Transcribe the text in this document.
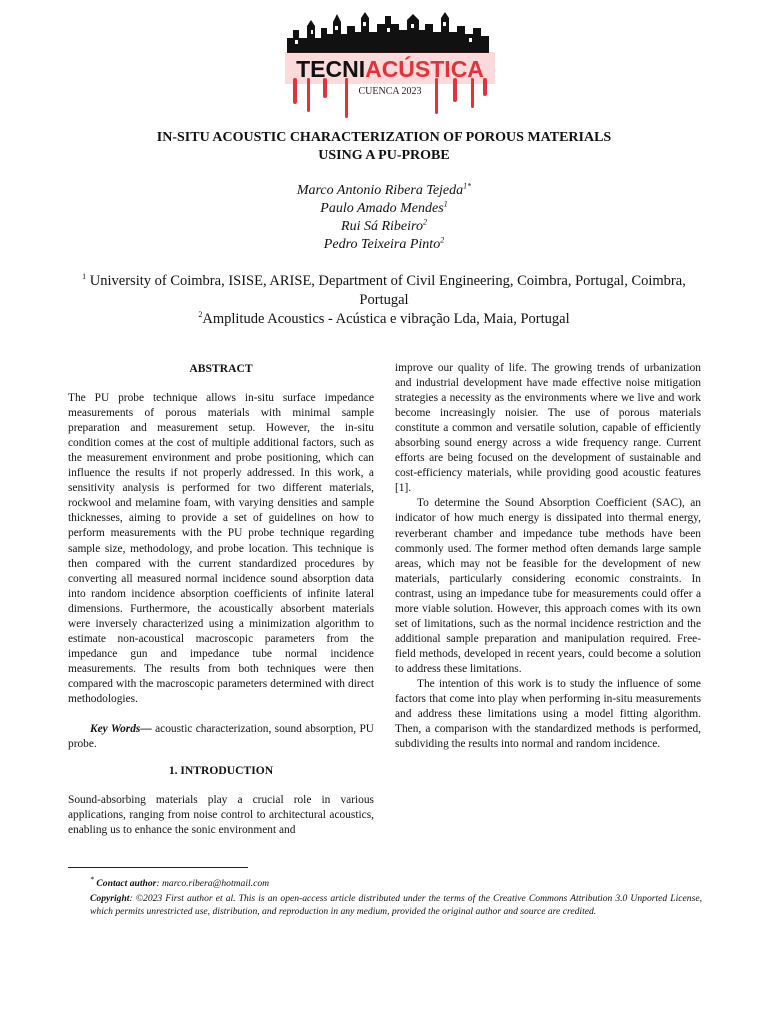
TECNIACÚSTICA
CUENCA 2023
IN-SITU ACOUSTIC CHARACTERIZATION OF POROUS MATERIALS
USING A PU-PROBE
Marco Antonio Ribera Tejeda$^{1*}$
Paulo Amado Mendes$^1$
Rui Sá Ribeiro$^2$
Pedro Teixeira Pinto$^2$
$^1$ University of Coimbra, ISISE, ARISE, Department of Civil Engineering, Coimbra, Portugal, Coimbra, Portugal
$^2$Amplitude Acoustics - Acústica e vibração Lda, Maia, Portugal

ABSTRACT

The PU probe technique allows in-situ surface impedance measurements of porous materials with minimal sample preparation and measurement setup. However, the in-situ condition comes at the cost of multiple additional factors, such as the measurement environment and probe positioning, which can influence the results if not properly addressed. In this work, a sensitivity analysis is performed for two different materials, rockwool and melamine foam, with varying densities and sample thicknesses, aiming to provide a set of guidelines on how to perform measurements with the PU probe technique regarding sample size, methodology, and probe location. This technique is then compared with the current standardized procedures by converting all measured normal incidence sound absorption data into random incidence absorption coefficients of infinite lateral dimensions. Furthermore, the acoustically absorbent materials were inversely characterized using a minimization algorithm to estimate non-acoustical macroscopic parameters from the impedance gun and impedance tube normal incidence measurements. The results from both techniques were then compared with the macroscopic parameters determined with direct methodologies.

Key Words— acoustic characterization, sound absorption, PU probe.

1. INTRODUCTION

Sound-absorbing materials play a crucial role in various applications, ranging from noise control to architectural acoustics, enabling us to enhance the sonic environment and

improve our quality of life. The growing trends of urbanization and industrial development have made effective noise mitigation strategies a necessity as the environments where we live and work become increasingly noisier. The use of porous materials constitute a common and versatile solution, capable of efficiently absorbing sound energy across a wide frequency range. Current efforts are being focused on the development of sustainable and cost-efficiency materials, while providing good acoustic features [1].

To determine the Sound Absorption Coefficient (SAC), an indicator of how much energy is dissipated into thermal energy, reverberant chamber and impedance tube methods have been commonly used. The former method often demands large sample areas, which may not be feasible for the development of new materials, particularly considering economic constraints. In contrast, using an impedance tube for measurements could offer a more viable solution. However, this approach comes with its own set of limitations, such as the normal incidence restriction and the additional sample preparation and manipulation required. Free-field methods, developed in recent years, could become a solution to address these limitations.

The intention of this work is to study the influence of some factors that come into play when performing in-situ measurements and address these limitations using a model fitting algorithm. Then, a comparison with the standardized methods is performed, subdividing the results into normal and random incidence.

* Contact author: marco.ribera@hotmail.com
Copyright: ©2023 First author et al. This is an open-access article distributed under the terms of the Creative Commons Attribution 3.0 Unported License, which permits unrestricted use, distribution, and reproduction in any medium, provided the original author and source are credited.
